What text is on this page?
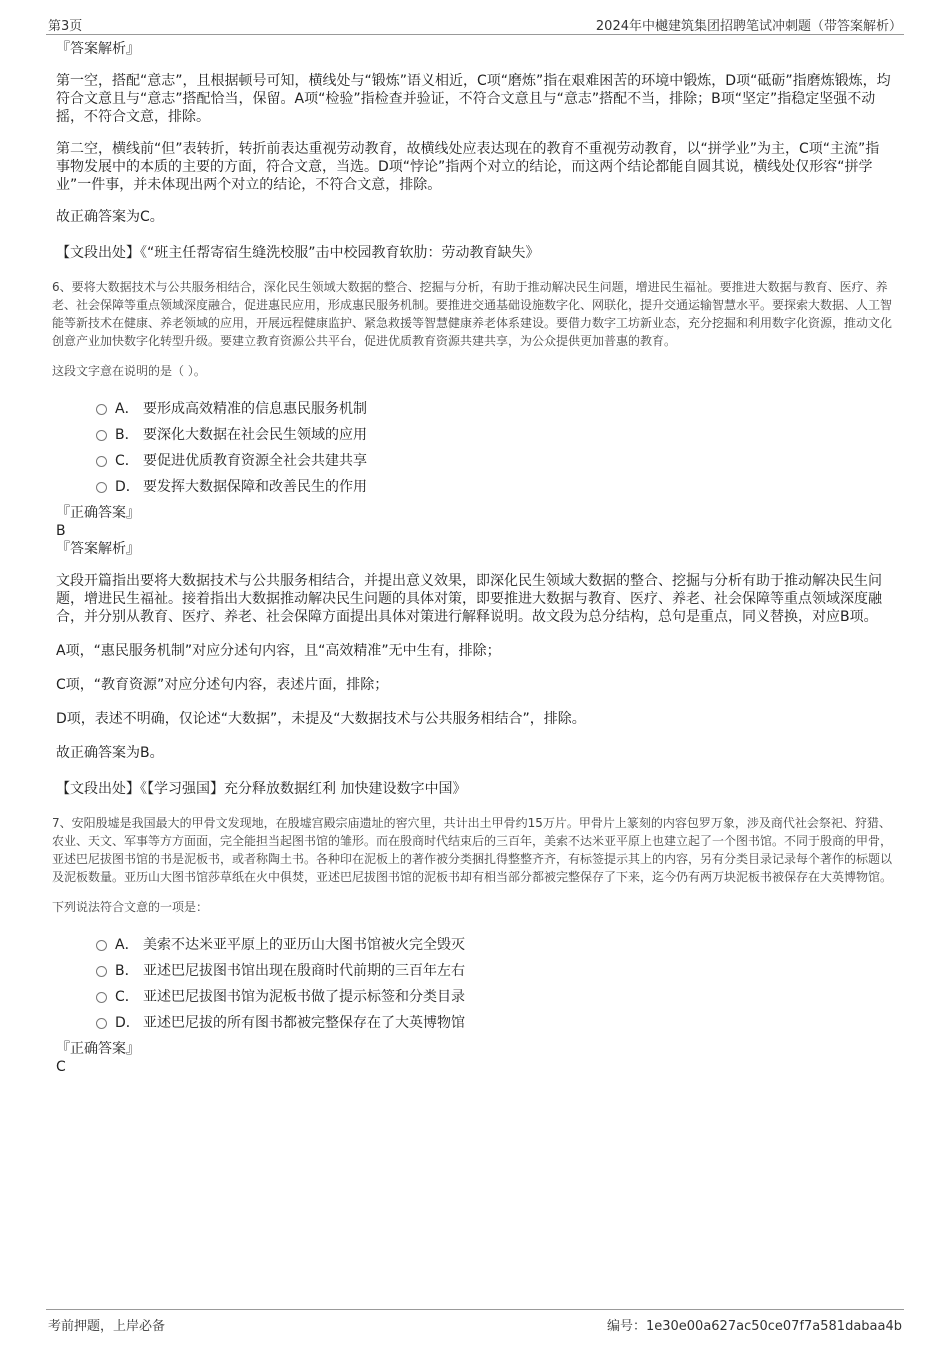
第3页	2024年中樾建筑集团招聘笔试冲刺题（带答案解析）

『答案解析』

第一空，搭配“意志”，且根据顿号可知，横线处与“锻炼”语义相近，C项“磨炼”指在艰难困苦的环境中锻炼，D项“砥砺”指磨炼锻炼，均符合文意且与“意志”搭配恰当，保留。A项“检验”指检查并验证，不符合文意且与“意志”搭配不当，排除；B项“坚定”指稳定坚强不动摇，不符合文意，排除。

第二空，横线前“但”表转折，转折前表达重视劳动教育，故横线处应表达现在的教育不重视劳动教育，以“拼学业”为主，C项“主流”指事物发展中的本质的主要的方面，符合文意，当选。D项“悖论”指两个对立的结论，而这两个结论都能自圆其说，横线处仅形容“拼学业”一件事，并未体现出两个对立的结论，不符合文意，排除。

故正确答案为C。

【文段出处】《“班主任帮寄宿生缝洗校服”击中校园教育软肋：劳动教育缺失》

6、要将大数据技术与公共服务相结合，深化民生领域大数据的整合、挖掘与分析，有助于推动解决民生问题，增进民生福祉。要推进大数据与教育、医疗、养老、社会保障等重点领域深度融合，促进惠民应用，形成惠民服务机制。要推进交通基础设施数字化、网联化，提升交通运输智慧水平。要探索大数据、人工智能等新技术在健康、养老领域的应用，开展远程健康监护、紧急救援等智慧健康养老体系建设。要借力数字工坊新业态，充分挖掘和利用数字化资源，推动文化创意产业加快数字化转型升级。要建立教育资源公共平台，促进优质教育资源共建共享，为公众提供更加普惠的教育。

这段文字意在说明的是（ ）。

A． 要形成高效精准的信息惠民服务机制
B． 要深化大数据在社会民生领域的应用
C． 要促进优质教育资源全社会共建共享
D． 要发挥大数据保障和改善民生的作用

『正确答案』

B

『答案解析』

文段开篇指出要将大数据技术与公共服务相结合，并提出意义效果，即深化民生领域大数据的整合、挖掘与分析有助于推动解决民生问题，增进民生福祉。接着指出大数据推动解决民生问题的具体对策，即要推进大数据与教育、医疗、养老、社会保障等重点领域深度融合，并分别从教育、医疗、养老、社会保障方面提出具体对策进行解释说明。故文段为总分结构，总句是重点，同义替换，对应B项。

A项，“惠民服务机制”对应分述句内容，且“高效精准”无中生有，排除；

C项，“教育资源”对应分述句内容，表述片面，排除；

D项，表述不明确，仅论述“大数据”，未提及“大数据技术与公共服务相结合”，排除。

故正确答案为B。

【文段出处】《【学习强国】充分释放数据红利 加快建设数字中国》

7、安阳殷墟是我国最大的甲骨文发现地，在殷墟宫殿宗庙遗址的窖穴里，共计出土甲骨约15万片。甲骨片上篆刻的内容包罗万象，涉及商代社会祭祀、狩猎、农业、天文、军事等方方面面，完全能担当起图书馆的雏形。而在殷商时代结束后的三百年，美索不达米亚平原上也建立起了一个图书馆。不同于殷商的甲骨，亚述巴尼拔图书馆的书是泥板书，或者称陶土书。各种印在泥板上的著作被分类捆扎得整整齐齐，有标签提示其上的内容，另有分类目录记录每个著作的标题以及泥板数量。亚历山大图书馆莎草纸在火中俱焚，亚述巴尼拔图书馆的泥板书却有相当部分都被完整保存了下来，迄今仍有两万块泥板书被保存在大英博物馆。

下列说法符合文意的一项是：

A． 美索不达米亚平原上的亚历山大图书馆被火完全毁灭
B． 亚述巴尼拔图书馆出现在殷商时代前期的三百年左右
C． 亚述巴尼拔图书馆为泥板书做了提示标签和分类目录
D． 亚述巴尼拔的所有图书都被完整保存在了大英博物馆

『正确答案』

C

考前押题，上岸必备	编号：1e30e00a627ac50ce07f7a581dabaa4b
